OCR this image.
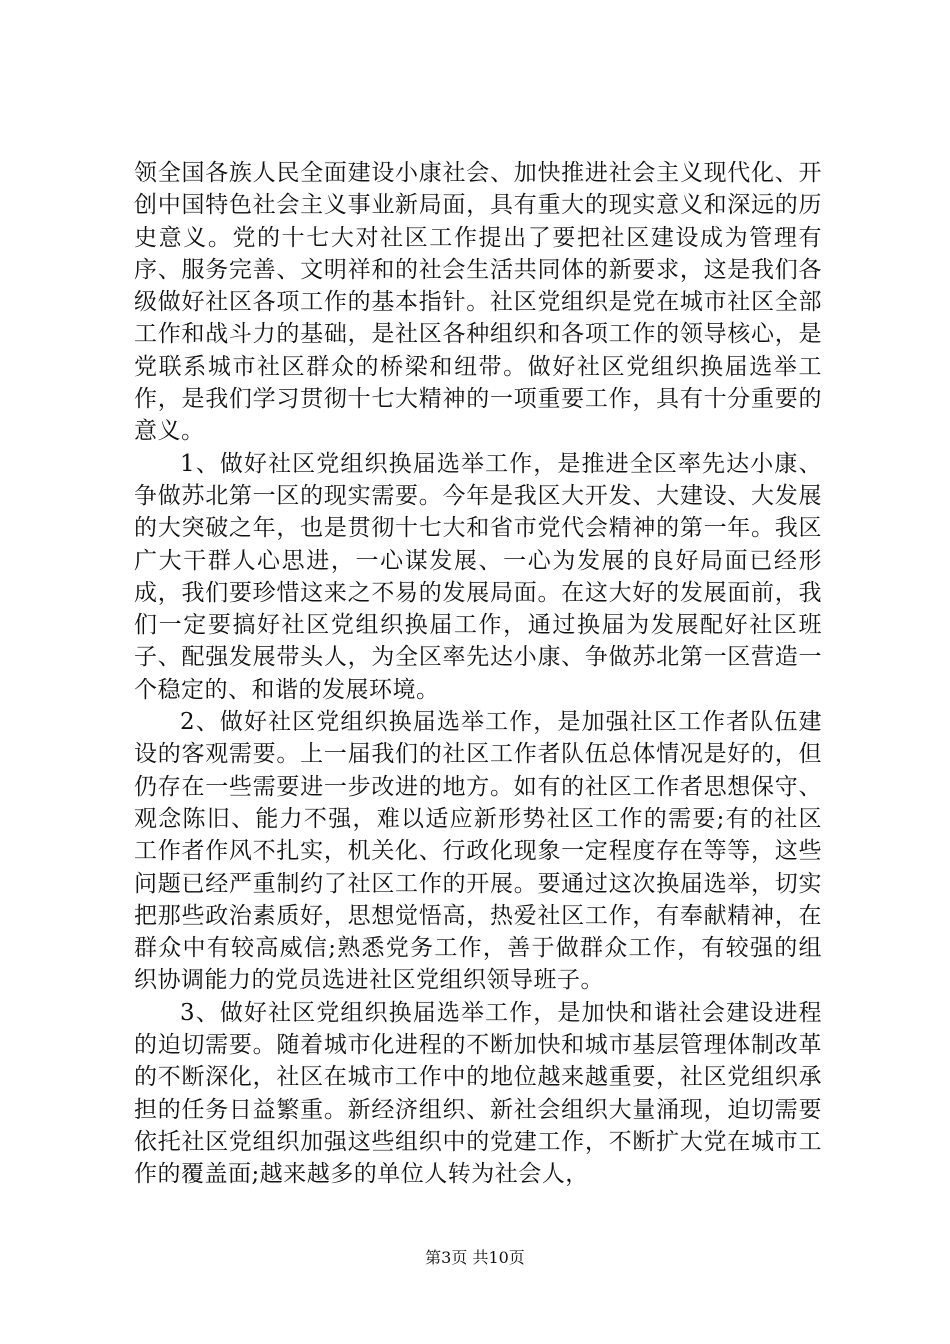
领全国各族人民全面建设小康社会、加快推进社会主义现代化、开创中国特色社会主义事业新局面，具有重大的现实意义和深远的历史意义。党的十七大对社区工作提出了要把社区建设成为管理有序、服务完善、文明祥和的社会生活共同体的新要求，这是我们各级做好社区各项工作的基本指针。社区党组织是党在城市社区全部工作和战斗力的基础，是社区各种组织和各项工作的领导核心，是党联系城市社区群众的桥梁和纽带。做好社区党组织换届选举工作，是我们学习贯彻十七大精神的一项重要工作，具有十分重要的意义。

1、做好社区党组织换届选举工作，是推进全区率先达小康、争做苏北第一区的现实需要。今年是我区大开发、大建设、大发展的大突破之年，也是贯彻十七大和省市党代会精神的第一年。我区广大干群人心思进，一心谋发展、一心为发展的良好局面已经形成，我们要珍惜这来之不易的发展局面。在这大好的发展面前，我们一定要搞好社区党组织换届工作，通过换届为发展配好社区班子、配强发展带头人，为全区率先达小康、争做苏北第一区营造一个稳定的、和谐的发展环境。

2、做好社区党组织换届选举工作，是加强社区工作者队伍建设的客观需要。上一届我们的社区工作者队伍总体情况是好的，但仍存在一些需要进一步改进的地方。如有的社区工作者思想保守、观念陈旧、能力不强，难以适应新形势社区工作的需要;有的社区工作者作风不扎实，机关化、行政化现象一定程度存在等等，这些问题已经严重制约了社区工作的开展。要通过这次换届选举，切实把那些政治素质好，思想觉悟高，热爱社区工作，有奉献精神，在群众中有较高威信;熟悉党务工作，善于做群众工作，有较强的组织协调能力的党员选进社区党组织领导班子。

3、做好社区党组织换届选举工作，是加快和谐社会建设进程的迫切需要。随着城市化进程的不断加快和城市基层管理体制改革的不断深化，社区在城市工作中的地位越来越重要，社区党组织承担的任务日益繁重。新经济组织、新社会组织大量涌现，迫切需要依托社区党组织加强这些组织中的党建工作，不断扩大党在城市工作的覆盖面;越来越多的单位人转为社会人，

第3页 共10页
